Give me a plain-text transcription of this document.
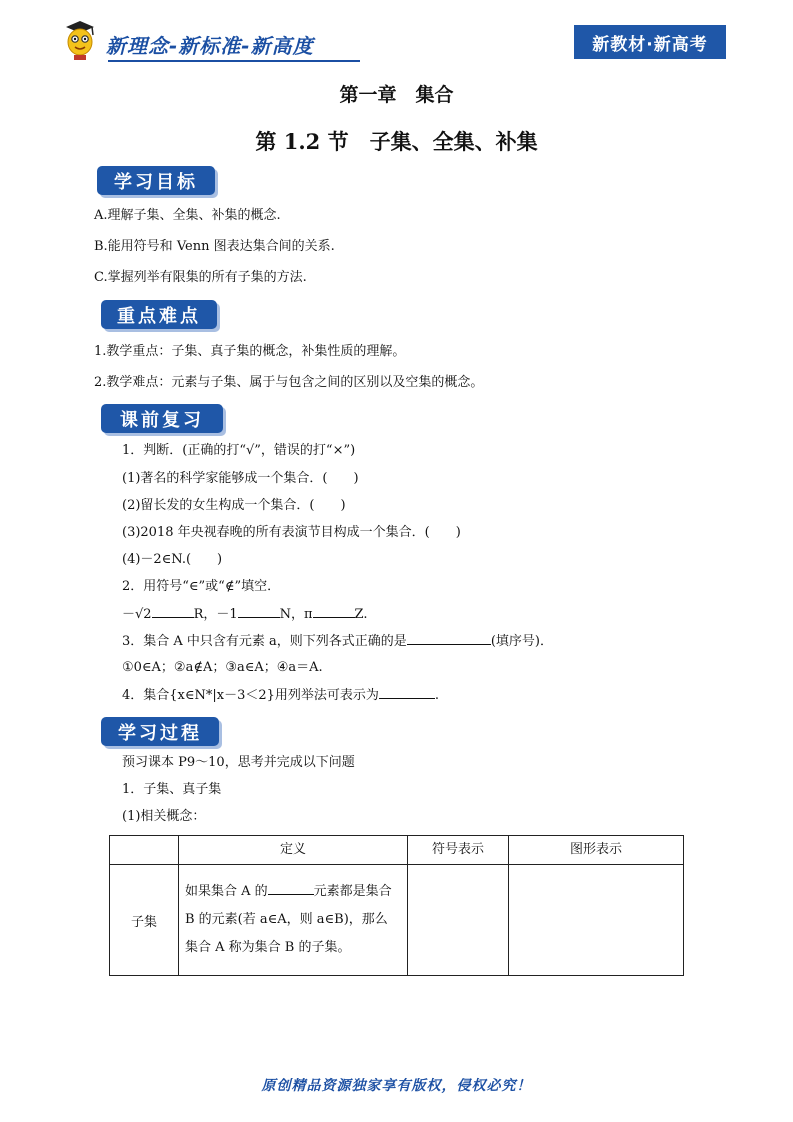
新理念-新标准-新高度	新教材·新高考
第一章　集合
第 1.2 节　子集、全集、补集
学习目标
A.理解子集、全集、补集的概念.
B.能用符号和 Venn 图表达集合间的关系.
C.掌握列举有限集的所有子集的方法.
重点难点
1.教学重点：子集、真子集的概念，补集性质的理解。
2.教学难点：元素与子集、属于与包含之间的区别以及空集的概念。
课前复习
1．判断．(正确的打“√”，错误的打“×”)
(1)著名的科学家能够成一个集合．(　　)
(2)留长发的女生构成一个集合．(　　)
(3)2018 年央视春晚的所有表演节目构成一个集合．(　　)
(4)－2∈N.(　　)
2．用符号“∈”或“∉”填空．
－√2	R，－1	N，π	Z.
3．集合 A 中只含有元素 a，则下列各式正确的是	(填序号)．
①0∈A；②a∉A；③a∈A；④a＝A.
4．集合{x∈N*|x－3＜2}用列举法可表示为	.
学习过程
预习课本 P9～10，思考并完成以下问题
1．子集、真子集
(1)相关概念：
	定义	符号表示	图形表示
子集	如果集合 A 的 元素都是集合
B 的元素(若 a∈A，则 a∈B)，那么
集合 A 称为集合 B 的子集。		
原创精品资源独家享有版权，侵权必究！
